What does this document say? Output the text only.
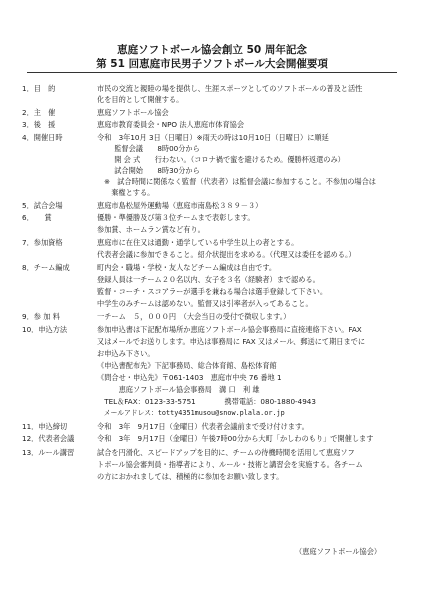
恵庭ソフトボール協会創立 50 周年記念
第 51 回恵庭市民男子ソフトボール大会開催要項
1．目　的	市民の交流と親睦の場を提供し、生涯スポーツとしてのソフトボールの普及と活性
化を目的として開催する。
2．主　催	恵庭ソフトボール協会
3．後　援	恵庭市教育委員会・NPO 法人恵庭市体育協会
4．開催日時	令和　3年10月 3日（日曜日）※雨天の時は10月10日（日曜日）に順延
　監督会議　　8時00分から
　開 会 式　　行わない。（コロナ禍で蜜を避けるため。優勝杯返還のみ）
　試合開始　　8時30分から
※　試合時間に関係なく監督（代表者）は監督会議に参加すること。不参加の場合は
　棄権とする。
5．試合会場	恵庭市島松屋外運動場（恵庭市南島松３８９－３）
6．　　賞	優勝・準優勝及び第３位チームまで表彰します。
参加賞、ホームラン賞など有り。
7．参加資格	恵庭市に在住又は通勤・通学している中学生以上の者とする。
代表者会議に参加できること。紹介状提出を求める。（代理又は委任を認める。）
8．チーム編成	町内会・職場・学校・友人などチーム編成は自由です。
登録人員は一チーム２０名以内、女子を３名（経験者）まで認める。
監督・コーチ・スコアラーが選手を兼ねる場合は選手登録して下さい。
中学生のみチームは認めない。監督又は引率者が入ってあること。
9．参 加 料	一チーム　５，０００円　（大会当日の受付で徴収します。）
10．申込方法	参加申込書は下記配布場所か恵庭ソフトボール協会事務局に直接連絡下さい。FAX
又はメールでお送りします。申込は事務局に FAX 又はメール、郵送にて期日までに
お申込み下さい。
《申込書配布先》下記事務局、総合体育館、島松体育館
《問合せ・申込先》〒061-1403　恵庭市中央 76 番地 1
　　　恵庭ソフトボール協会事務局　溝 口　利 雄
　TEL＆FAX：0123-33-5751　　　　携帯電話：080-1880-4943
　メールアドレス：totty4351musou@snow.plala.or.jp
11．申込締切	令和　3年　9月17日（金曜日）代表者会議前まで受け付けます。
12．代表者会議	令和　3年　9月17日（金曜日）午後7時00分から大町「かしわのもり」で開催します
13．ルール講習	試合を円滑化、スピードアップを目的に、チームの待機時間を活用して恵庭ソフ
トボール協会審判員・指導者により、ルール・技術と講習会を実施する。各チーム
の方におかれましては、積極的に参加をお願い致します。
（恵庭ソフトボール協会）
